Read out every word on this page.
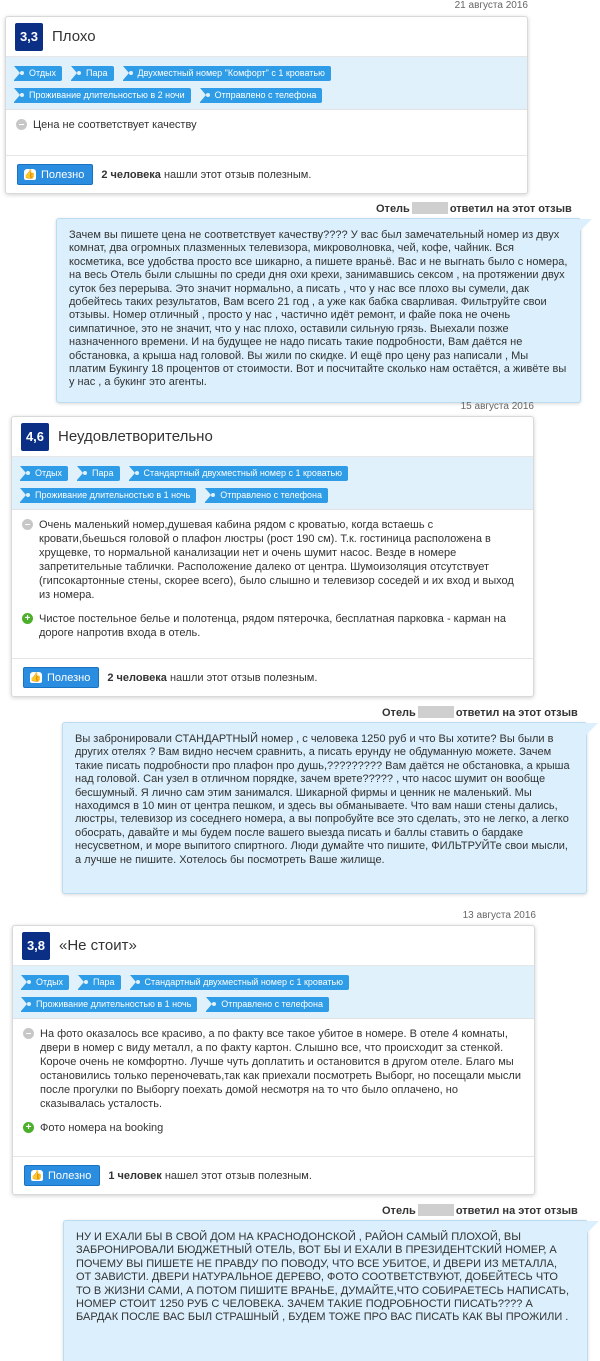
21 августа 2016
3,3 Плохо
Отдых	Пара	Двухместный номер "Комфорт" с 1 кроватью
Проживание длительностью в 2 ночи	Отправлено с телефона
– Цена не соответствует качеству
👍 Полезно 2 человека нашли этот отзыв полезным.
Отель	ответил на этот отзыв
Зачем вы пишете цена не соответствует качеству???? У вас был замечательный номер из двух комнат, два огромных плазменных телевизора, микроволновка, чей, кофе, чайник. Вся косметика, все удобства просто все шикарно, а пишете враньё. Вас и не выгнать было с номера, на весь Отель были слышны по среди дня охи крехи, занимавшись сексом , на протяжении двух суток без перерыва. Это значит нормально, а писать , что у нас все плохо вы сумели, дак добейтесь таких результатов, Вам всего 21 год , а уже как бабка сварливая. Фильтруйте свои отзывы. Номер отличный , просто у нас , частично идёт ремонт, и файе пока не очень симпатичное, это не значит, что у нас плохо, оставили сильную грязь. Выехали позже назначенного времени. И на будущее не надо писать такие подробности, Вам даётся не обстановка, а крыша над головой. Вы жили по скидке. И ещё про цену раз написали , Мы платим Букингу 18 процентов от стоимости. Вот и посчитайте сколько нам остаётся, а живёте вы у нас , а букинг это агенты.
15 августа 2016
4,6 Неудовлетворительно
Отдых	Пара	Стандартный двухместный номер с 1 кроватью
Проживание длительностью в 1 ночь	Отправлено с телефона
– Очень маленький номер,душевая кабина рядом с кроватью, когда встаешь с кровати,бьешься головой о плафон люстры (рост 190 см). Т.к. гостиница расположена в хрущевке, то нормальной канализации нет и очень шумит насос. Везде в номере запретительные таблички. Расположение далеко от центра. Шумоизоляция отсутствует (гипсокартонные стены, скорее всего), было слышно и телевизор соседей и их вход и выход из номера.
+ Чистое постельное белье и полотенца, рядом пятерочка, бесплатная парковка - карман на дороге напротив входа в отель.
👍 Полезно 2 человека нашли этот отзыв полезным.
Отель	ответил на этот отзыв
Вы забронировали СТАНДАРТНЫЙ номер , с человека 1250 руб и что Вы хотите? Вы были в других отелях ? Вам видно несчем сравнить, а писать ерунду не обдуманную можете. Зачем такие писать подробности про плафон про душь,????????? Вам даётся не обстановка, а крыша над головой. Сан узел в отличном порядке, зачем врете????? , что насос шумит он вообще бесшумный. Я лично сам этим занимался. Шикарной фирмы и ценник не маленький. Мы находимся в 10 мин от центра пешком, и здесь вы обманываете. Что вам наши стены дались, люстры, телевизор из соседнего номера, а вы попробуйте все это сделать, это не легко, а легко обосрать, давайте и мы будем после вашего выезда писать и баллы ставить о бардаке несусветном, и море выпитого спиртного. Люди думайте что пишите, ФИЛЬТРУЙТе свои мысли, а лучше не пишите. Хотелось бы посмотреть Ваше жилище.
13 августа 2016
3,8 «Не стоит»
Отдых	Пара	Стандартный двухместный номер с 1 кроватью
Проживание длительностью в 1 ночь	Отправлено с телефона
– На фото оказалось все красиво, а по факту все такое убитое в номере. В отеле 4 комнаты, двери в номер с виду металл, а по факту картон. Слышно все, что происходит за стенкой. Короче очень не комфортно. Лучше чуть доплатить и остановится в другом отеле. Благо мы остановились только переночевать,так как приехали посмотреть Выборг, но посещали мысли после прогулки по Выборгу поехать домой несмотря на то что было оплачено, но сказывалась усталость.
+ Фото номера на booking
👍 Полезно 1 человек нашел этот отзыв полезным.
Отель	ответил на этот отзыв
НУ И ЕХАЛИ БЫ В СВОЙ ДОМ НА КРАСНОДОНСКОЙ , РАЙОН САМЫЙ ПЛОХОЙ, ВЫ ЗАБРОНИРОВАЛИ БЮДЖЕТНЫЙ ОТЕЛЬ, ВОТ БЫ И ЕХАЛИ В ПРЕЗИДЕНТСКИЙ НОМЕР, А ПОЧЕМУ ВЫ ПИШЕТЕ НЕ ПРАВДУ ПО ПОВОДУ, ЧТО ВСЕ УБИТОЕ, И ДВЕРИ ИЗ МЕТАЛЛА, ОТ ЗАВИСТИ. ДВЕРИ НАТУРАЛЬНОЕ ДЕРЕВО, ФОТО СООТВЕТСТВУЮТ, ДОБЕЙТЕСЬ ЧТО ТО В ЖИЗНИ САМИ, А ПОТОМ ПИШИТЕ ВРАНЬЕ, ДУМАЙТЕ,ЧТО СОБИРАЕТЕСЬ НАПИСАТЬ, НОМЕР СТОИТ 1250 РУБ С ЧЕЛОВЕКА. ЗАЧЕМ ТАКИЕ ПОДРОБНОСТИ ПИСАТЬ???? А БАРДАК ПОСЛЕ ВАС БЫЛ СТРАШНЫЙ , БУДЕМ ТОЖЕ ПРО ВАС ПИСАТЬ КАК ВЫ ПРОЖИЛИ .
